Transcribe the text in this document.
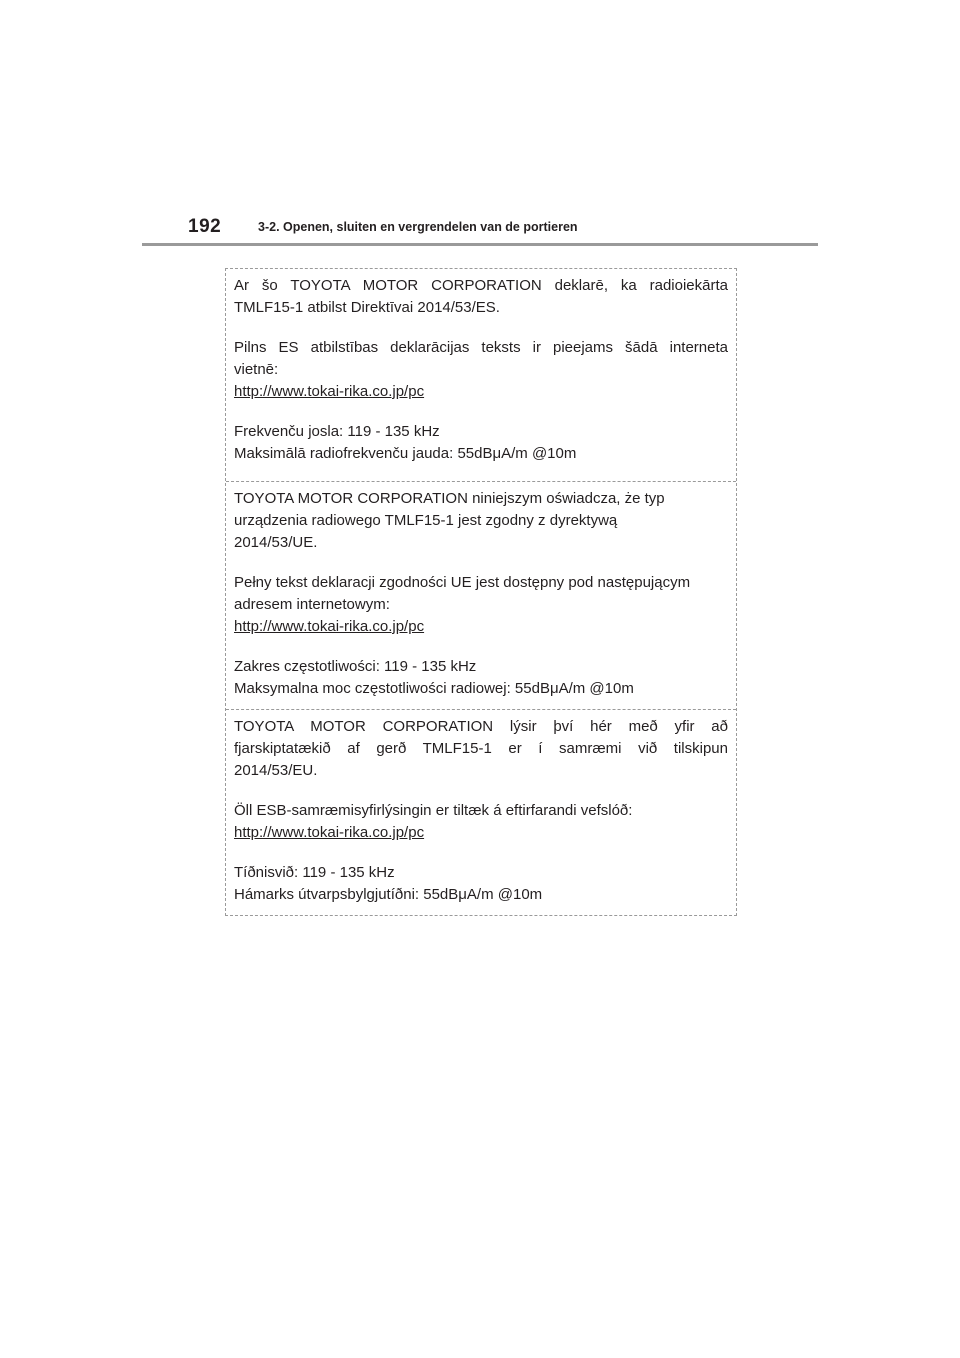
192	3-2. Openen, sluiten en vergrendelen van de portieren

Ar šo TOYOTA MOTOR CORPORATION deklarē, ka radioiekārta

TMLF15-1 atbilst Direktīvai 2014/53/ES.

Pilns ES atbilstības deklarācijas teksts ir pieejams šādā interneta

vietnē:

http://www.tokai-rika.co.jp/pc

Frekvenču josla: 119 - 135 kHz

Maksimālā radiofrekvenču jauda: 55dBμA/m @10m

TOYOTA MOTOR CORPORATION niniejszym oświadcza, że typ

urządzenia radiowego TMLF15-1 jest zgodny z dyrektywą

2014/53/UE.

Pełny tekst deklaracji zgodności UE jest dostępny pod następującym

adresem internetowym:

http://www.tokai-rika.co.jp/pc

Zakres częstotliwości: 119 - 135 kHz

Maksymalna moc częstotliwości radiowej: 55dBμA/m @10m

TOYOTA MOTOR CORPORATION lýsir því hér með yfir að

fjarskiptatækið af gerð TMLF15-1 er í samræmi við tilskipun

2014/53/EU.

Öll ESB-samræmisyfirlýsingin er tiltæk á eftirfarandi vefslóð:

http://www.tokai-rika.co.jp/pc

Tíðnisvið: 119 - 135 kHz

Hámarks útvarpsbylgjutíðni: 55dBμA/m @10m
